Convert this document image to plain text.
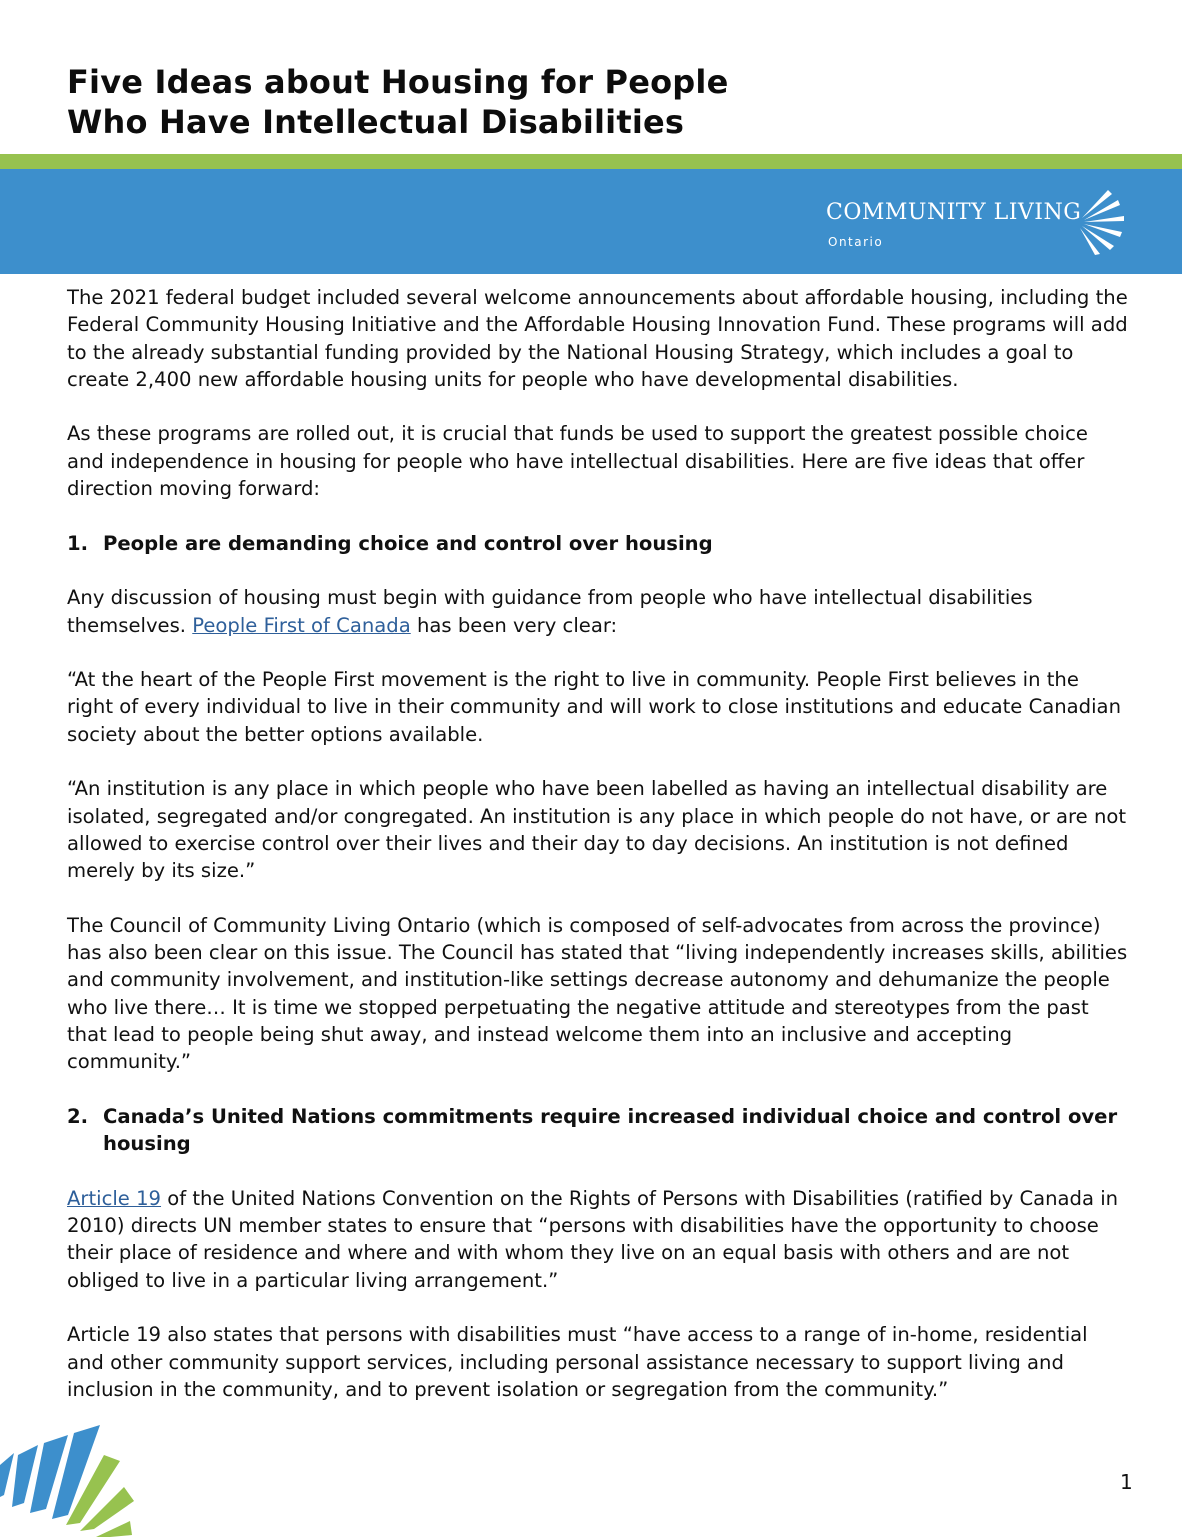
Five Ideas about Housing for People
Who Have Intellectual Disabilities
COMMUNITY LIVING
Ontario

The 2021 federal budget included several welcome announcements about affordable housing, including the Federal Community Housing Initiative and the Affordable Housing Innovation Fund. These programs will add to the already substantial funding provided by the National Housing Strategy, which includes a goal to create 2,400 new affordable housing units for people who have developmental disabilities.

As these programs are rolled out, it is crucial that funds be used to support the greatest possible choice and independence in housing for people who have intellectual disabilities. Here are five ideas that offer direction moving forward:

1. People are demanding choice and control over housing

Any discussion of housing must begin with guidance from people who have intellectual disabilities themselves. People First of Canada has been very clear:

“At the heart of the People First movement is the right to live in community. People First believes in the right of every individual to live in their community and will work to close institutions and educate Canadian society about the better options available.

“An institution is any place in which people who have been labelled as having an intellectual disability are isolated, segregated and/or congregated. An institution is any place in which people do not have, or are not allowed to exercise control over their lives and their day to day decisions. An institution is not defined merely by its size.”

The Council of Community Living Ontario (which is composed of self-advocates from across the province) has also been clear on this issue. The Council has stated that “living independently increases skills, abilities and community involvement, and institution-like settings decrease autonomy and dehumanize the people who live there… It is time we stopped perpetuating the negative attitude and stereotypes from the past that lead to people being shut away, and instead welcome them into an inclusive and accepting community.”

2. Canada’s United Nations commitments require increased individual choice and control over housing

Article 19 of the United Nations Convention on the Rights of Persons with Disabilities (ratified by Canada in 2010) directs UN member states to ensure that “persons with disabilities have the opportunity to choose their place of residence and where and with whom they live on an equal basis with others and are not obliged to live in a particular living arrangement.”

Article 19 also states that persons with disabilities must “have access to a range of in-home, residential and other community support services, including personal assistance necessary to support living and inclusion in the community, and to prevent isolation or segregation from the community.”

1
